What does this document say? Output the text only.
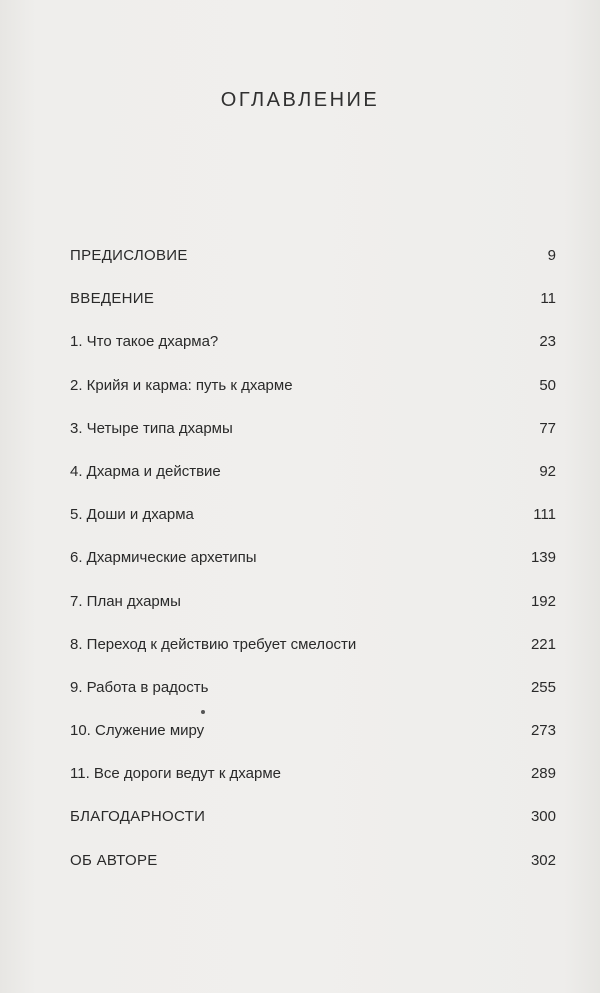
ОГЛАВЛЕНИЕ
ПРЕДИСЛОВИЕ	9
ВВЕДЕНИЕ	11
1. Что такое дхарма?	23
2. Крийя и карма: путь к дхарме	50
3. Четыре типа дхармы	77
4. Дхарма и действие	92
5. Доши и дхарма	111
6. Дхармические архетипы	139
7. План дхармы	192
8. Переход к действию требует смелости	221
9. Работа в радость	255
10. Служение миру	273
11. Все дороги ведут к дхарме	289
БЛАГОДАРНОСТИ	300
ОБ АВТОРЕ	302
